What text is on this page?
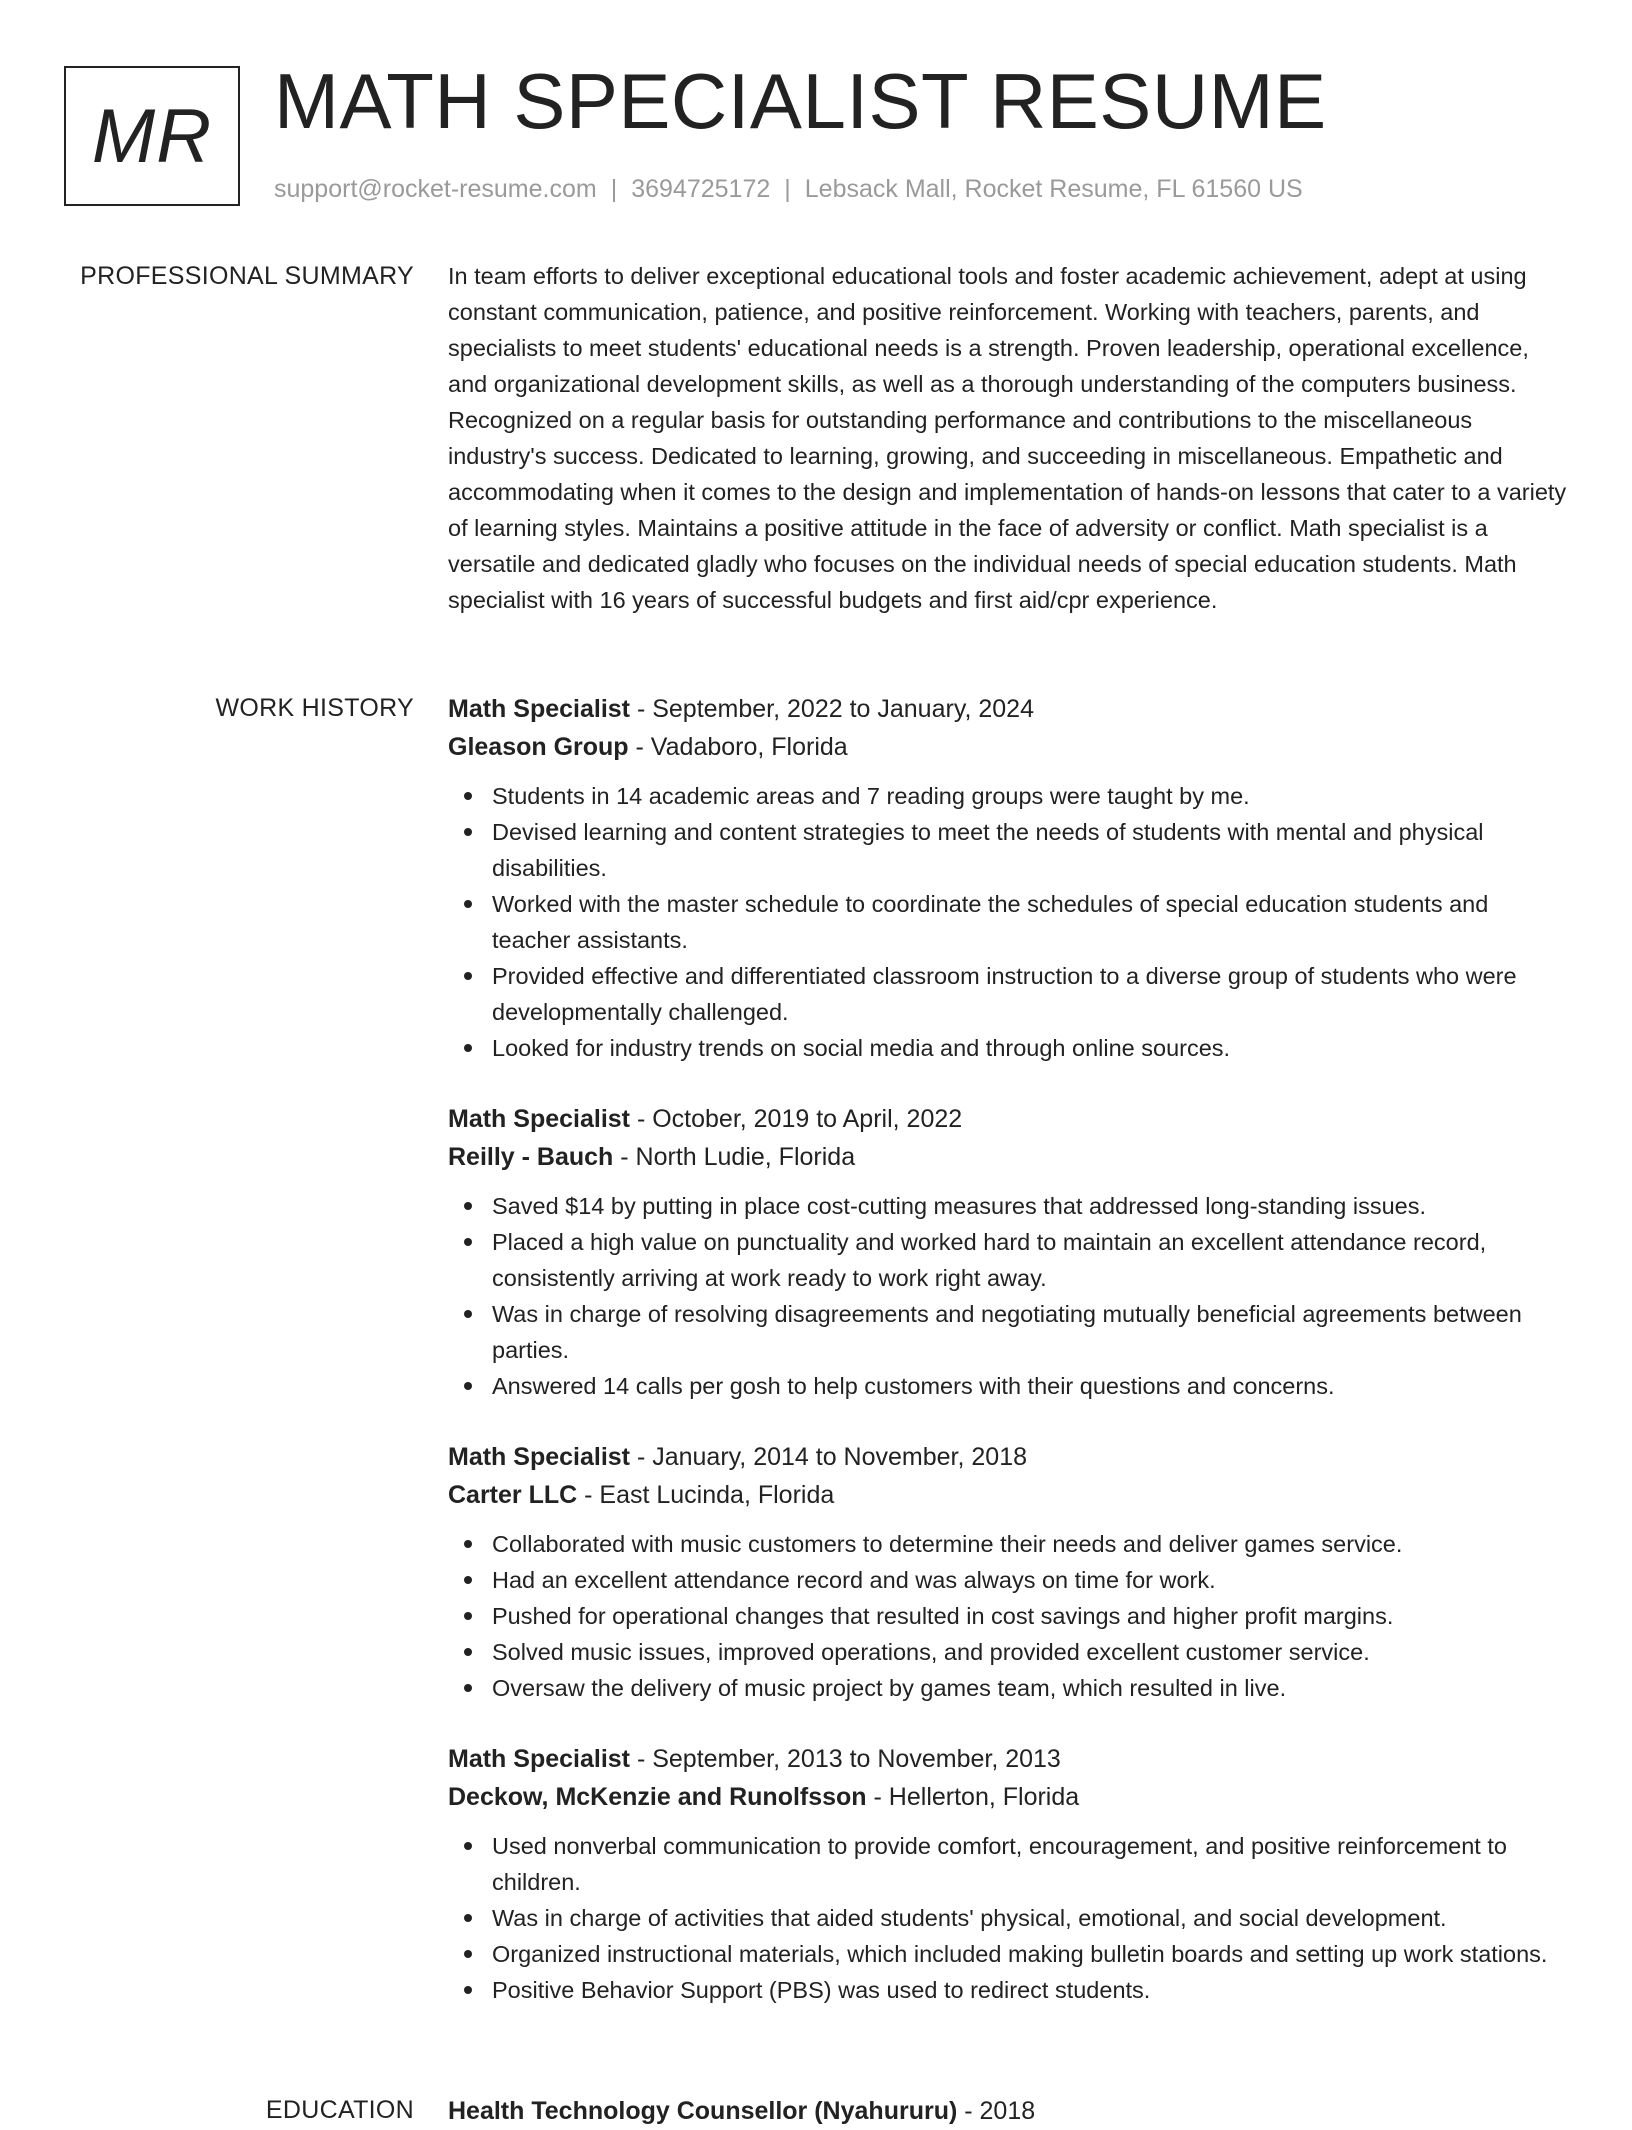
MR MATH SPECIALIST RESUME
support@rocket-resume.com | 3694725172 | Lebsack Mall, Rocket Resume, FL 61560 US
PROFESSIONAL SUMMARY In team efforts to deliver exceptional educational tools and foster academic achievement, adept at using constant communication, patience, and positive reinforcement. Working with teachers, parents, and specialists to meet students' educational needs is a strength. Proven leadership, operational excellence, and organizational development skills, as well as a thorough understanding of the computers business. Recognized on a regular basis for outstanding performance and contributions to the miscellaneous industry's success. Dedicated to learning, growing, and succeeding in miscellaneous. Empathetic and accommodating when it comes to the design and implementation of hands-on lessons that cater to a variety of learning styles. Maintains a positive attitude in the face of adversity or conflict. Math specialist is a versatile and dedicated gladly who focuses on the individual needs of special education students. Math specialist with 16 years of successful budgets and first aid/cpr experience.

WORK HISTORY Math Specialist - September, 2022 to January, 2024
Gleason Group - Vadaboro, Florida
Students in 14 academic areas and 7 reading groups were taught by me.
Devised learning and content strategies to meet the needs of students with mental and physical disabilities.
Worked with the master schedule to coordinate the schedules of special education students and teacher assistants.
Provided effective and differentiated classroom instruction to a diverse group of students who were developmentally challenged.
Looked for industry trends on social media and through online sources.
Math Specialist - October, 2019 to April, 2022
Reilly - Bauch - North Ludie, Florida
Saved $14 by putting in place cost-cutting measures that addressed long-standing issues.
Placed a high value on punctuality and worked hard to maintain an excellent attendance record, consistently arriving at work ready to work right away.
Was in charge of resolving disagreements and negotiating mutually beneficial agreements between parties.
Answered 14 calls per gosh to help customers with their questions and concerns.
Math Specialist - January, 2014 to November, 2018
Carter LLC - East Lucinda, Florida
Collaborated with music customers to determine their needs and deliver games service.
Had an excellent attendance record and was always on time for work.
Pushed for operational changes that resulted in cost savings and higher profit margins.
Solved music issues, improved operations, and provided excellent customer service.
Oversaw the delivery of music project by games team, which resulted in live.
Math Specialist - September, 2013 to November, 2013
Deckow, McKenzie and Runolfsson - Hellerton, Florida
Used nonverbal communication to provide comfort, encouragement, and positive reinforcement to children.
Was in charge of activities that aided students' physical, emotional, and social development.
Organized instructional materials, which included making bulletin boards and setting up work stations.
Positive Behavior Support (PBS) was used to redirect students.
EDUCATION Health Technology Counsellor (Nyahururu) - 2018
